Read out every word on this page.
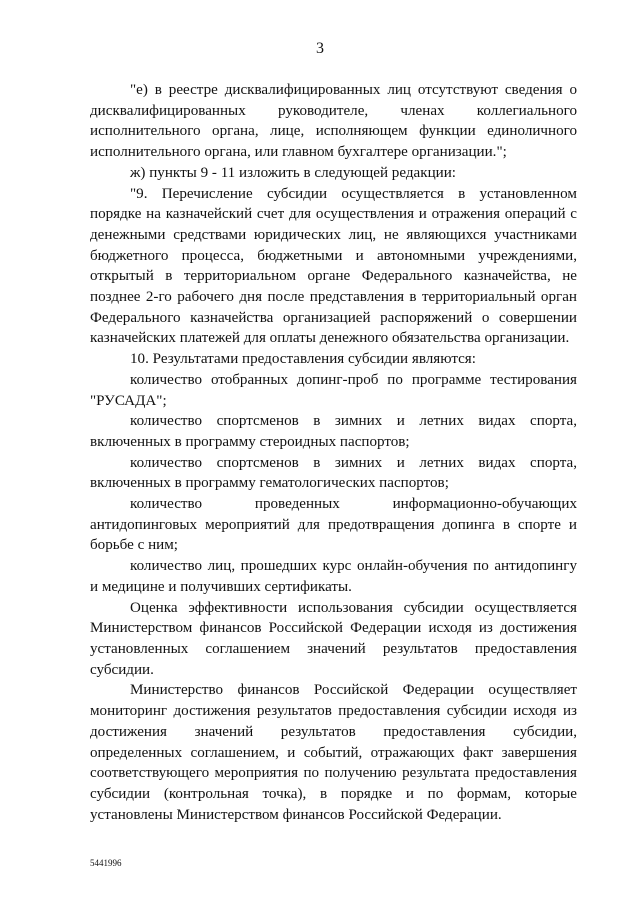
3

"е) в реестре дисквалифицированных лиц отсутствуют сведения о дисквалифицированных руководителе, членах коллегиального исполнительного органа, лице, исполняющем функции единоличного исполнительного органа, или главном бухгалтере организации.";

ж) пункты 9 - 11 изложить в следующей редакции:

"9. Перечисление субсидии осуществляется в установленном порядке на казначейский счет для осуществления и отражения операций с денежными средствами юридических лиц, не являющихся участниками бюджетного процесса, бюджетными и автономными учреждениями, открытый в территориальном органе Федерального казначейства, не позднее 2-го рабочего дня после представления в территориальный орган Федерального казначейства организацией распоряжений о совершении казначейских платежей для оплаты денежного обязательства организации.

10. Результатами предоставления субсидии являются:

количество отобранных допинг-проб по программе тестирования "РУСАДА";

количество спортсменов в зимних и летних видах спорта, включенных в программу стероидных паспортов;

количество спортсменов в зимних и летних видах спорта, включенных в программу гематологических паспортов;

количество проведенных информационно-обучающих антидопинговых мероприятий для предотвращения допинга в спорте и борьбе с ним;

количество лиц, прошедших курс онлайн-обучения по антидопингу и медицине и получивших сертификаты.

Оценка эффективности использования субсидии осуществляется Министерством финансов Российской Федерации исходя из достижения установленных соглашением значений результатов предоставления субсидии.

Министерство финансов Российской Федерации осуществляет мониторинг достижения результатов предоставления субсидии исходя из достижения значений результатов предоставления субсидии, определенных соглашением, и событий, отражающих факт завершения соответствующего мероприятия по получению результата предоставления субсидии (контрольная точка), в порядке и по формам, которые установлены Министерством финансов Российской Федерации.

5441996
